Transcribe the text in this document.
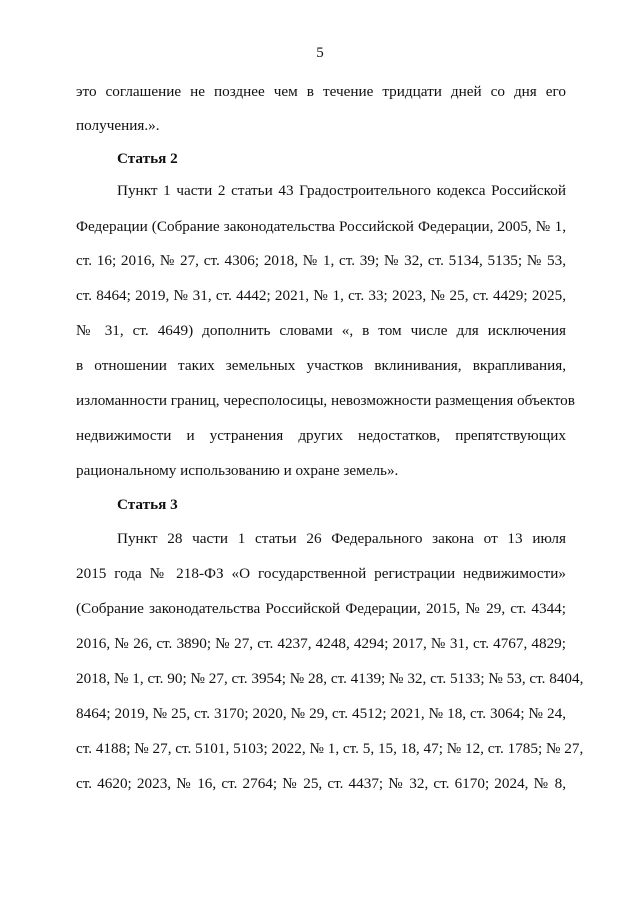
5
это соглашение не позднее чем в течение тридцати дней со дня его
получения.».
Статья 2
Пункт 1 части 2 статьи 43 Градостроительного кодекса Российской
Федерации (Собрание законодательства Российской Федерации, 2005, № 1,
ст. 16; 2016, № 27, ст. 4306; 2018, № 1, ст. 39; № 32, ст. 5134, 5135; № 53,
ст. 8464; 2019, № 31, ст. 4442; 2021, № 1, ст. 33; 2023, № 25, ст. 4429; 2025,
№ 31, ст. 4649) дополнить словами «, в том числе для исключения
в отношении таких земельных участков вклинивания, вкрапливания,
изломанности границ, чересполосицы, невозможности размещения объектов
недвижимости и устранения других недостатков, препятствующих
рациональному использованию и охране земель».
Статья 3
Пункт 28 части 1 статьи 26 Федерального закона от 13 июля
2015 года № 218-ФЗ «О государственной регистрации недвижимости»
(Собрание законодательства Российской Федерации, 2015, № 29, ст. 4344;
2016, № 26, ст. 3890; № 27, ст. 4237, 4248, 4294; 2017, № 31, ст. 4767, 4829;
2018, № 1, ст. 90; № 27, ст. 3954; № 28, ст. 4139; № 32, ст. 5133; № 53, ст. 8404,
8464; 2019, № 25, ст. 3170; 2020, № 29, ст. 4512; 2021, № 18, ст. 3064; № 24,
ст. 4188; № 27, ст. 5101, 5103; 2022, № 1, ст. 5, 15, 18, 47; № 12, ст. 1785; № 27,
ст. 4620; 2023, № 16, ст. 2764; № 25, ст. 4437; № 32, ст. 6170; 2024, № 8,
